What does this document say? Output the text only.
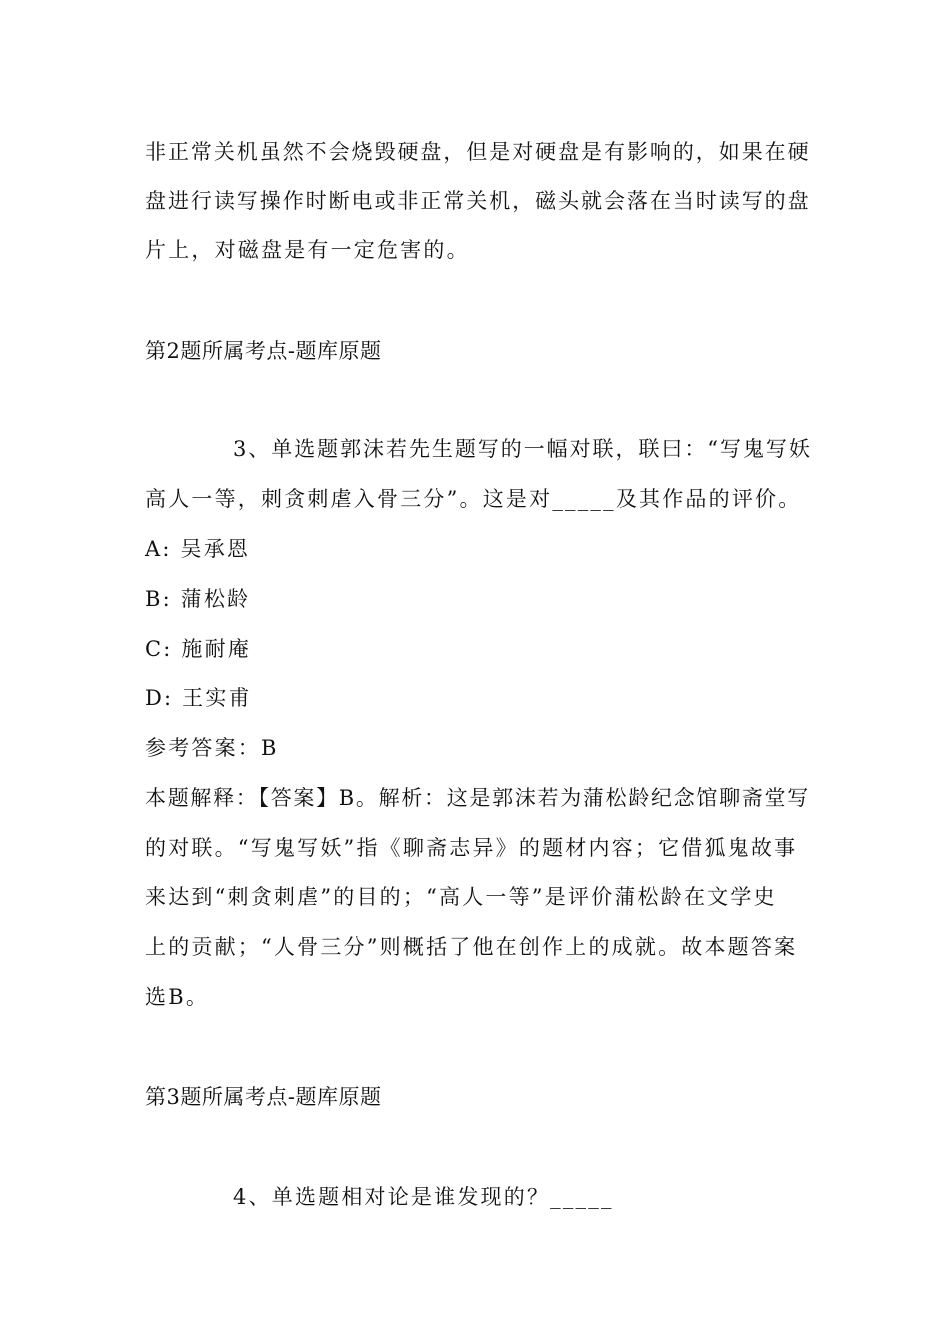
非正常关机虽然不会烧毁硬盘，但是对硬盘是有影响的，如果在硬
盘进行读写操作时断电或非正常关机，磁头就会落在当时读写的盘
片上，对磁盘是有一定危害的。
第2题所属考点-题库原题
3、单选题郭沫若先生题写的一幅对联，联曰：“写鬼写妖
高人一等，刺贪刺虐入骨三分”。这是对_____及其作品的评价。
A: 吴承恩
B: 蒲松龄
C: 施耐庵
D: 王实甫
参考答案：B
本题解释：【答案】B。解析：这是郭沫若为蒲松龄纪念馆聊斋堂写
的对联。“写鬼写妖”指《聊斋志异》的题材内容；它借狐鬼故事
来达到“刺贪刺虐”的目的；“高人一等”是评价蒲松龄在文学史
上的贡献；“人骨三分”则概括了他在创作上的成就。故本题答案
选B。
第3题所属考点-题库原题
4、单选题相对论是谁发现的？_____
